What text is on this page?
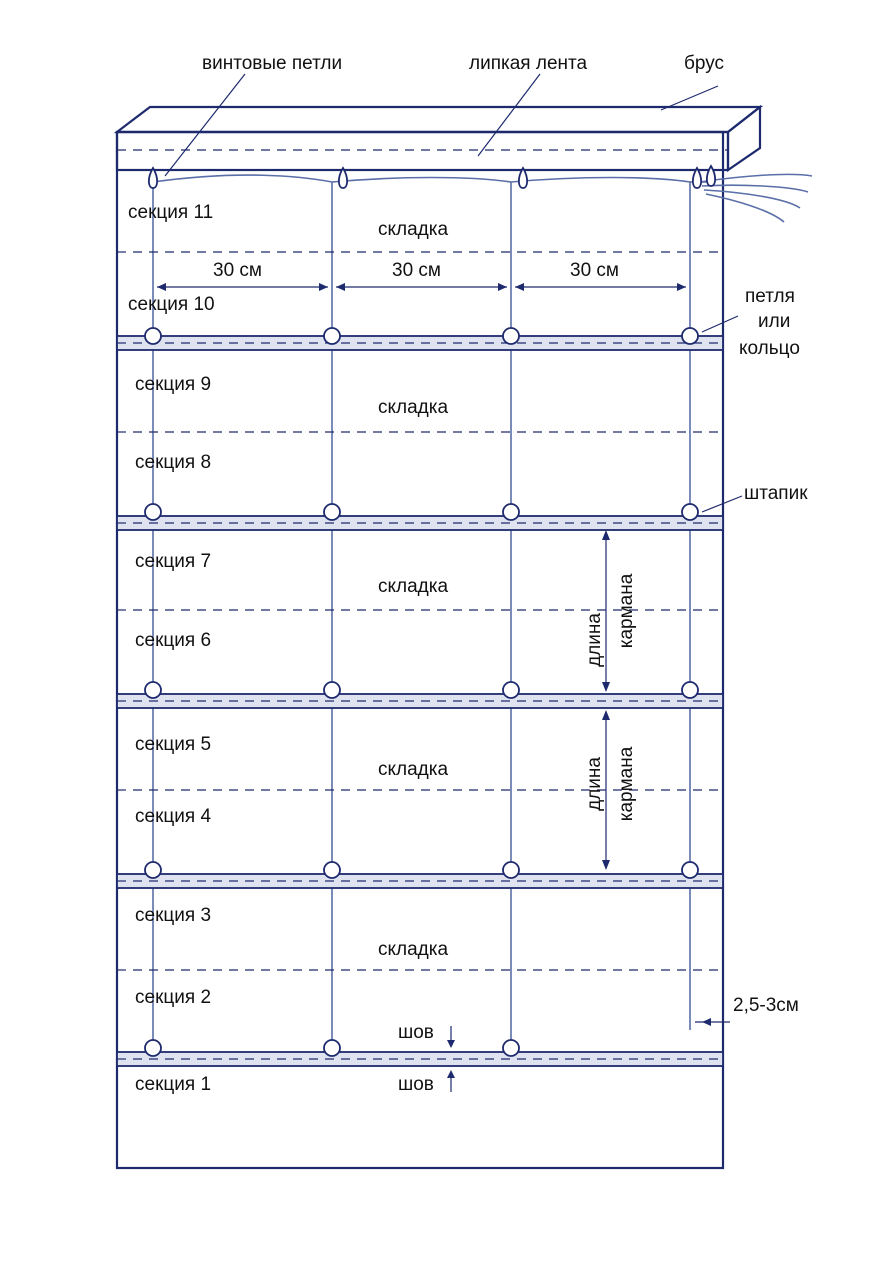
30 см	30 см	30 см
длина кармана
длина кармана
шов
шов
винтовые петли	липкая лента	брус
петля
или
кольцо
штапик
2,5-3см
секция 11
секция 10
секция 9
секция 8
секция 7
секция 6
секция 5
секция 4
секция 3
секция 2
секция 1
складка
складка
складка
складка
складка
